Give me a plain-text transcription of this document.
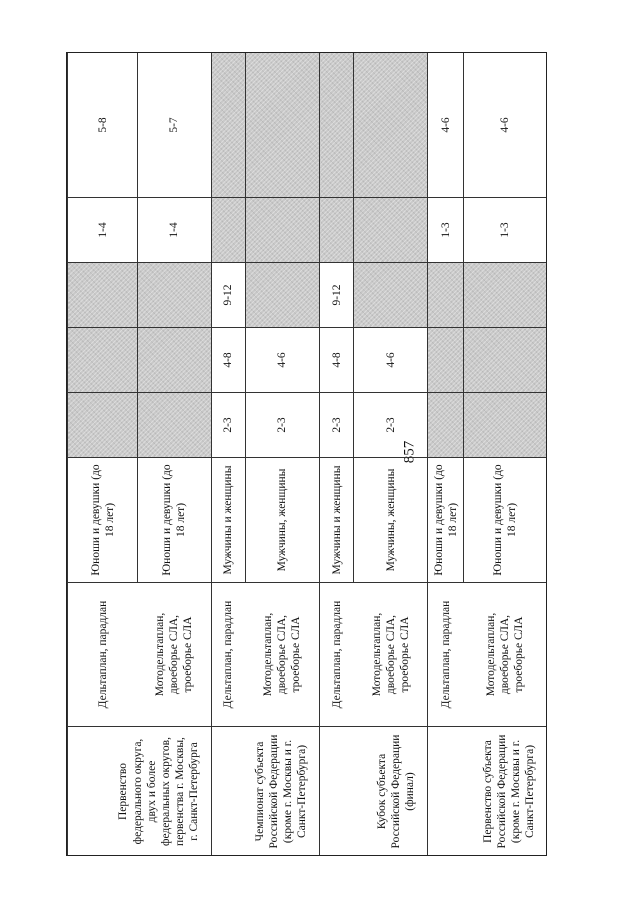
857
Первенство федерального округа, двух и более федеральных округов, первенства г. Москвы, г. Санкт-Петербурга	Дельтаплан, парадлан	Юноши и девушки (до 18 лет)				1-4	5-8
	Мотодельтаплан, двоеборье СЛА, троеборье СЛА	Юноши и девушки (до 18 лет)				1-4	5-7
Чемпионат субъекта Российской Федерации (кроме г. Москвы и г. Санкт-Петербурга)	Дельтаплан, парадлан	Мужчины и женщины	2-3	4-8	9-12		
	Мотодельтаплан, двоеборье СЛА, троеборье СЛА	Мужчины, женщины	2-3	4-6			
Кубок субъекта Российской Федерации (финал)	Дельтаплан, парадлан	Мужчины и женщины	2-3	4-8	9-12		
	Мотодельтаплан, двоеборье СЛА, троеборье СЛА	Мужчины, женщины	2-3	4-6			
Первенство субъекта Российской Федерации (кроме г. Москвы и г. Санкт-Петербурга)	Дельтаплан, парадлан	Юноши и девушки (до 18 лет)				1-3	4-6
	Мотодельтаплан, двоеборье СЛА, троеборье СЛА	Юноши и девушки (до 18 лет)				1-3	4-6
